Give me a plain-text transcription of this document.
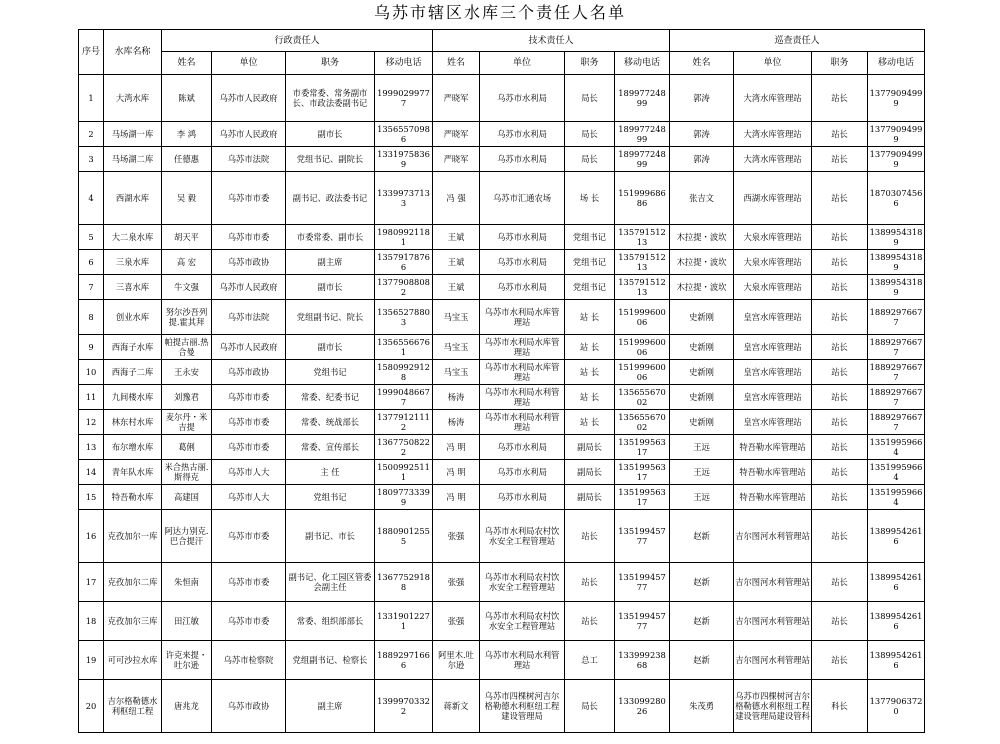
乌苏市辖区水库三个责任人名单
序号	水库名称	行政责任人				技术责任人				巡查责任人			
		姓名	单位	职务	移动电话	姓名	单位	职务	移动电话	姓名	单位	职务	移动电话
1	大湾水库	陈斌	乌苏市人民政府	市委常委、常务副市长、市政法委副书记	19990299777	严晓军	乌苏市水利局	局长	18997724899	郭涛	大湾水库管理站	站长	13779094999
2	马场湖一库	李 鸿	乌苏市人民政府	副市长	13565570986	严晓军	乌苏市水利局	局长	18997724899	郭涛	大湾水库管理站	站长	13779094999
3	马场湖二库	任德惠	乌苏市法院	党组书记、副院长	13319758369	严晓军	乌苏市水利局	局长	18997724899	郭涛	大湾水库管理站	站长	13779094999
4	西湖水库	吴 毅	乌苏市市委	副书记、政法委书记	13399737133	冯 强	乌苏市汇通农场	场 长	15199968686	张吉文	西湖水库管理站	站长	18703074566
5	大二泉水库	胡天平	乌苏市市委	市委常委、副市长	19809921181	王斌	乌苏市水利局	党组书记	13579151213	木拉提・波坎	大泉水库管理站	站长	13899543189
6	三泉水库	高 宏	乌苏市政协	副主席	13579178766	王斌	乌苏市水利局	党组书记	13579151213	木拉提・波坎	大泉水库管理站	站长	13899543189
7	三喜水库	牛文强	乌苏市人民政府	副市长	13779088082	王斌	乌苏市水利局	党组书记	13579151213	木拉提・波坎	大泉水库管理站	站长	13899543189
8	创业水库	努尔沙吾列提.霍其拜	乌苏市法院	党组副书记、院长	13565278803	马宝玉	乌苏市水利局水库管理站	站 长	15199960006	史新刚	皇宫水库管理站	站长	18892976677
9	西海子水库	帕提古丽.热合曼	乌苏市人民政府	副市长	13565566761	马宝玉	乌苏市水利局水库管理站	站 长	15199960006	史新刚	皇宫水库管理站	站长	18892976677
10	西海子二库	王永安	乌苏市政协	党组书记	15809929128	马宝玉	乌苏市水利局水库管理站	站 长	15199960006	史新刚	皇宫水库管理站	站长	18892976677
11	九间楼水库	刘豫君	乌苏市市委	常委、纪委书记	19990486677	杨涛	乌苏市水利局水利管理站	站 长	13565567002	史新刚	皇宫水库管理站	站长	18892976677
12	林东村水库	麦尔丹・米吉提	乌苏市市委	常委、统战部长	13779121112	杨涛	乌苏市水利局水利管理站	站 长	13565567002	史新刚	皇宫水库管理站	站长	18892976677
13	布尔增水库	葛俐	乌苏市市委	常委、宣传部长	13677508222	冯 明	乌苏市水利局	副局长	13519956317	王远	特吾勒水库管理站	站长	13519959664
14	青年队水库	米合热古丽.斯得克	乌苏市人大	主 任	15009925111	冯 明	乌苏市水利局	副局长	13519956317	王远	特吾勒水库管理站	站长	13519959664
15	特吾勒水库	高建国	乌苏市人大	党组书记	18097733399	冯 明	乌苏市水利局	副局长	13519956317	王远	特吾勒水库管理站	站长	13519959664
16	克孜加尔一库	阿达力别克.巴合提汗	乌苏市市委	副书记、市长	18809012555	张强	乌苏市水利局农村饮水安全工程管理站	站长	13519945777	赵新	吉尔图河水利管理站	站长	13899542616
17	克孜加尔二库	朱恒南	乌苏市市委	副书记、化工园区管委会副主任	13677529188	张强	乌苏市水利局农村饮水安全工程管理站	站长	13519945777	赵新	吉尔图河水利管理站	站长	13899542616
18	克孜加尔三库	田江敏	乌苏市市委	常委、组织部部长	13319012271	张强	乌苏市水利局农村饮水安全工程管理站	站长	13519945777	赵新	吉尔图河水利管理站	站长	13899542616
19	可可沙拉水库	许克来提・吐尔逊	乌苏市检察院	党组副书记、检察长	18892971666	阿里木.吐尔逊	乌苏市水利局水利管理站	总工	13399923868	赵新	吉尔图河水利管理站	站长	13899542616
20	吉尔格勒德水利枢纽工程	唐兆龙	乌苏市政协	副主席	13999703322	蒋新文	乌苏市四棵树河吉尔格勒德水利枢纽工程建设管理局	局长	13309928026	朱茂勇	乌苏市四棵树河吉尔格勒德水利枢纽工程建设管理局建设管科	科长	13779063720
